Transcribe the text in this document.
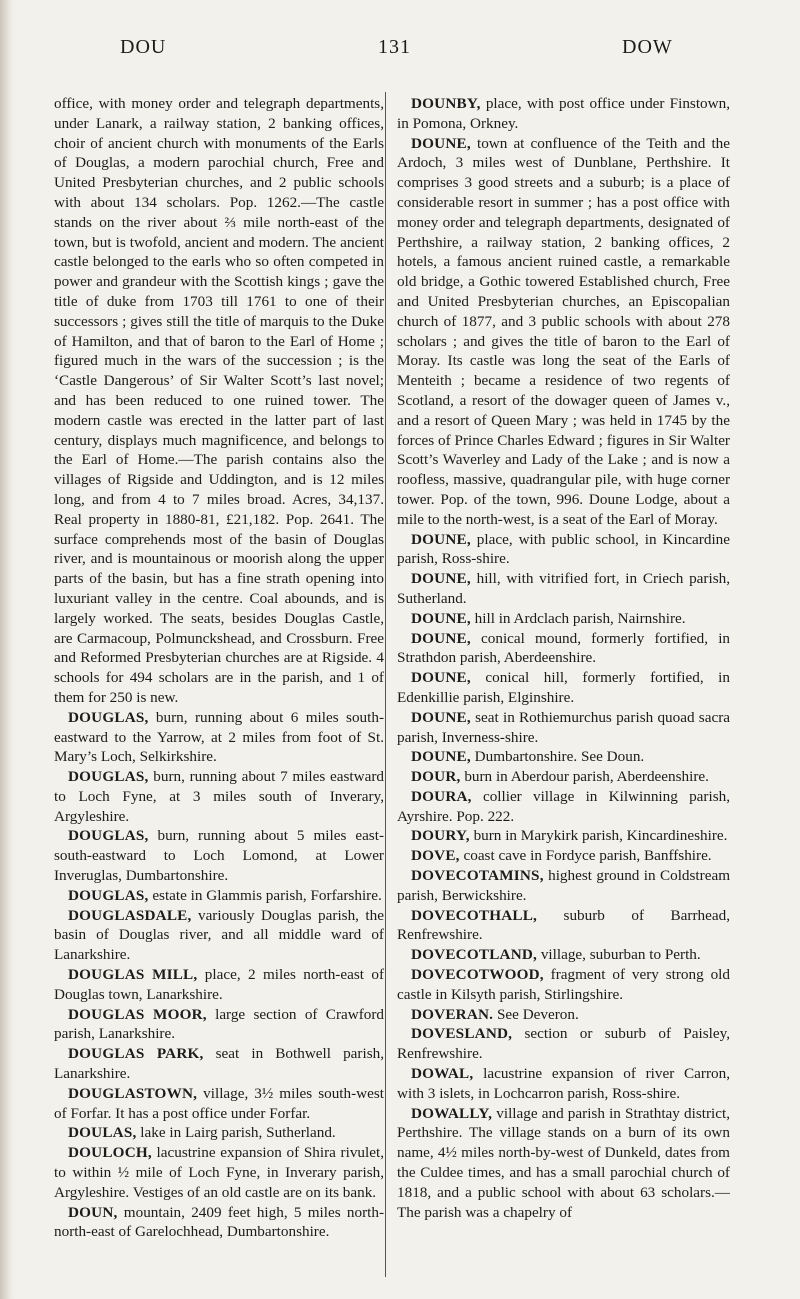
DOU	131	DOW

office, with money order and telegraph departments, under Lanark, a railway station, 2 banking offices, choir of ancient church with monuments of the Earls of Douglas, a modern parochial church, Free and United Presbyterian churches, and 2 public schools with about 134 scholars. Pop. 1262.—The castle stands on the river about ⅔ mile north-east of the town, but is twofold, ancient and modern. The ancient castle belonged to the earls who so often competed in power and grandeur with the Scottish kings ; gave the title of duke from 1703 till 1761 to one of their successors ; gives still the title of marquis to the Duke of Hamilton, and that of baron to the Earl of Home ; figured much in the wars of the succession ; is the ‘Castle Dangerous’ of Sir Walter Scott’s last novel; and has been reduced to one ruined tower. The modern castle was erected in the latter part of last century, displays much magnificence, and belongs to the Earl of Home.—The parish contains also the villages of Rigside and Uddington, and is 12 miles long, and from 4 to 7 miles broad. Acres, 34,137. Real property in 1880-81, £21,182. Pop. 2641. The surface comprehends most of the basin of Douglas river, and is mountainous or moorish along the upper parts of the basin, but has a fine strath opening into luxuriant valley in the centre. Coal abounds, and is largely worked. The seats, besides Douglas Castle, are Carmacoup, Polmunckshead, and Crossburn. Free and Reformed Presbyterian churches are at Rigside. 4 schools for 494 scholars are in the parish, and 1 of them for 250 is new.

DOUGLAS, burn, running about 6 miles south-eastward to the Yarrow, at 2 miles from foot of St. Mary’s Loch, Selkirkshire.

DOUGLAS, burn, running about 7 miles eastward to Loch Fyne, at 3 miles south of Inverary, Argyleshire.

DOUGLAS, burn, running about 5 miles east-south-eastward to Loch Lomond, at Lower Inveruglas, Dumbartonshire.

DOUGLAS, estate in Glammis parish, Forfarshire.

DOUGLASDALE, variously Douglas parish, the basin of Douglas river, and all middle ward of Lanarkshire.

DOUGLAS MILL, place, 2 miles north-east of Douglas town, Lanarkshire.

DOUGLAS MOOR, large section of Crawford parish, Lanarkshire.

DOUGLAS PARK, seat in Bothwell parish, Lanarkshire.

DOUGLASTOWN, village, 3½ miles south-west of Forfar. It has a post office under Forfar.

DOULAS, lake in Lairg parish, Sutherland.

DOULOCH, lacustrine expansion of Shira rivulet, to within ½ mile of Loch Fyne, in Inverary parish, Argyleshire. Vestiges of an old castle are on its bank.

DOUN, mountain, 2409 feet high, 5 miles north-north-east of Garelochhead, Dumbartonshire.

DOUNBY, place, with post office under Finstown, in Pomona, Orkney.

DOUNE, town at confluence of the Teith and the Ardoch, 3 miles west of Dunblane, Perthshire. It comprises 3 good streets and a suburb; is a place of considerable resort in summer ; has a post office with money order and telegraph departments, designated of Perthshire, a railway station, 2 banking offices, 2 hotels, a famous ancient ruined castle, a remarkable old bridge, a Gothic towered Established church, Free and United Presbyterian churches, an Episcopalian church of 1877, and 3 public schools with about 278 scholars ; and gives the title of baron to the Earl of Moray. Its castle was long the seat of the Earls of Menteith ; became a residence of two regents of Scotland, a resort of the dowager queen of James v., and a resort of Queen Mary ; was held in 1745 by the forces of Prince Charles Edward ; figures in Sir Walter Scott’s Waverley and Lady of the Lake ; and is now a roofless, massive, quadrangular pile, with huge corner tower. Pop. of the town, 996. Doune Lodge, about a mile to the north-west, is a seat of the Earl of Moray.

DOUNE, place, with public school, in Kincardine parish, Ross-shire.

DOUNE, hill, with vitrified fort, in Criech parish, Sutherland.

DOUNE, hill in Ardclach parish, Nairnshire.

DOUNE, conical mound, formerly fortified, in Strathdon parish, Aberdeenshire.

DOUNE, conical hill, formerly fortified, in Edenkillie parish, Elginshire.

DOUNE, seat in Rothiemurchus parish quoad sacra parish, Inverness-shire.

DOUNE, Dumbartonshire. See Doun.

DOUR, burn in Aberdour parish, Aberdeenshire.

DOURA, collier village in Kilwinning parish, Ayrshire. Pop. 222.

DOURY, burn in Marykirk parish, Kincardineshire.

DOVE, coast cave in Fordyce parish, Banffshire.

DOVECOTAMINS, highest ground in Coldstream parish, Berwickshire.

DOVECOTHALL, suburb of Barrhead, Renfrewshire.

DOVECOTLAND, village, suburban to Perth.

DOVECOTWOOD, fragment of very strong old castle in Kilsyth parish, Stirlingshire.

DOVERAN. See Deveron.

DOVESLAND, section or suburb of Paisley, Renfrewshire.

DOWAL, lacustrine expansion of river Carron, with 3 islets, in Lochcarron parish, Ross-shire.

DOWALLY, village and parish in Strathtay district, Perthshire. The village stands on a burn of its own name, 4½ miles north-by-west of Dunkeld, dates from the Culdee times, and has a small parochial church of 1818, and a public school with about 63 scholars.—The parish was a chapelry of
